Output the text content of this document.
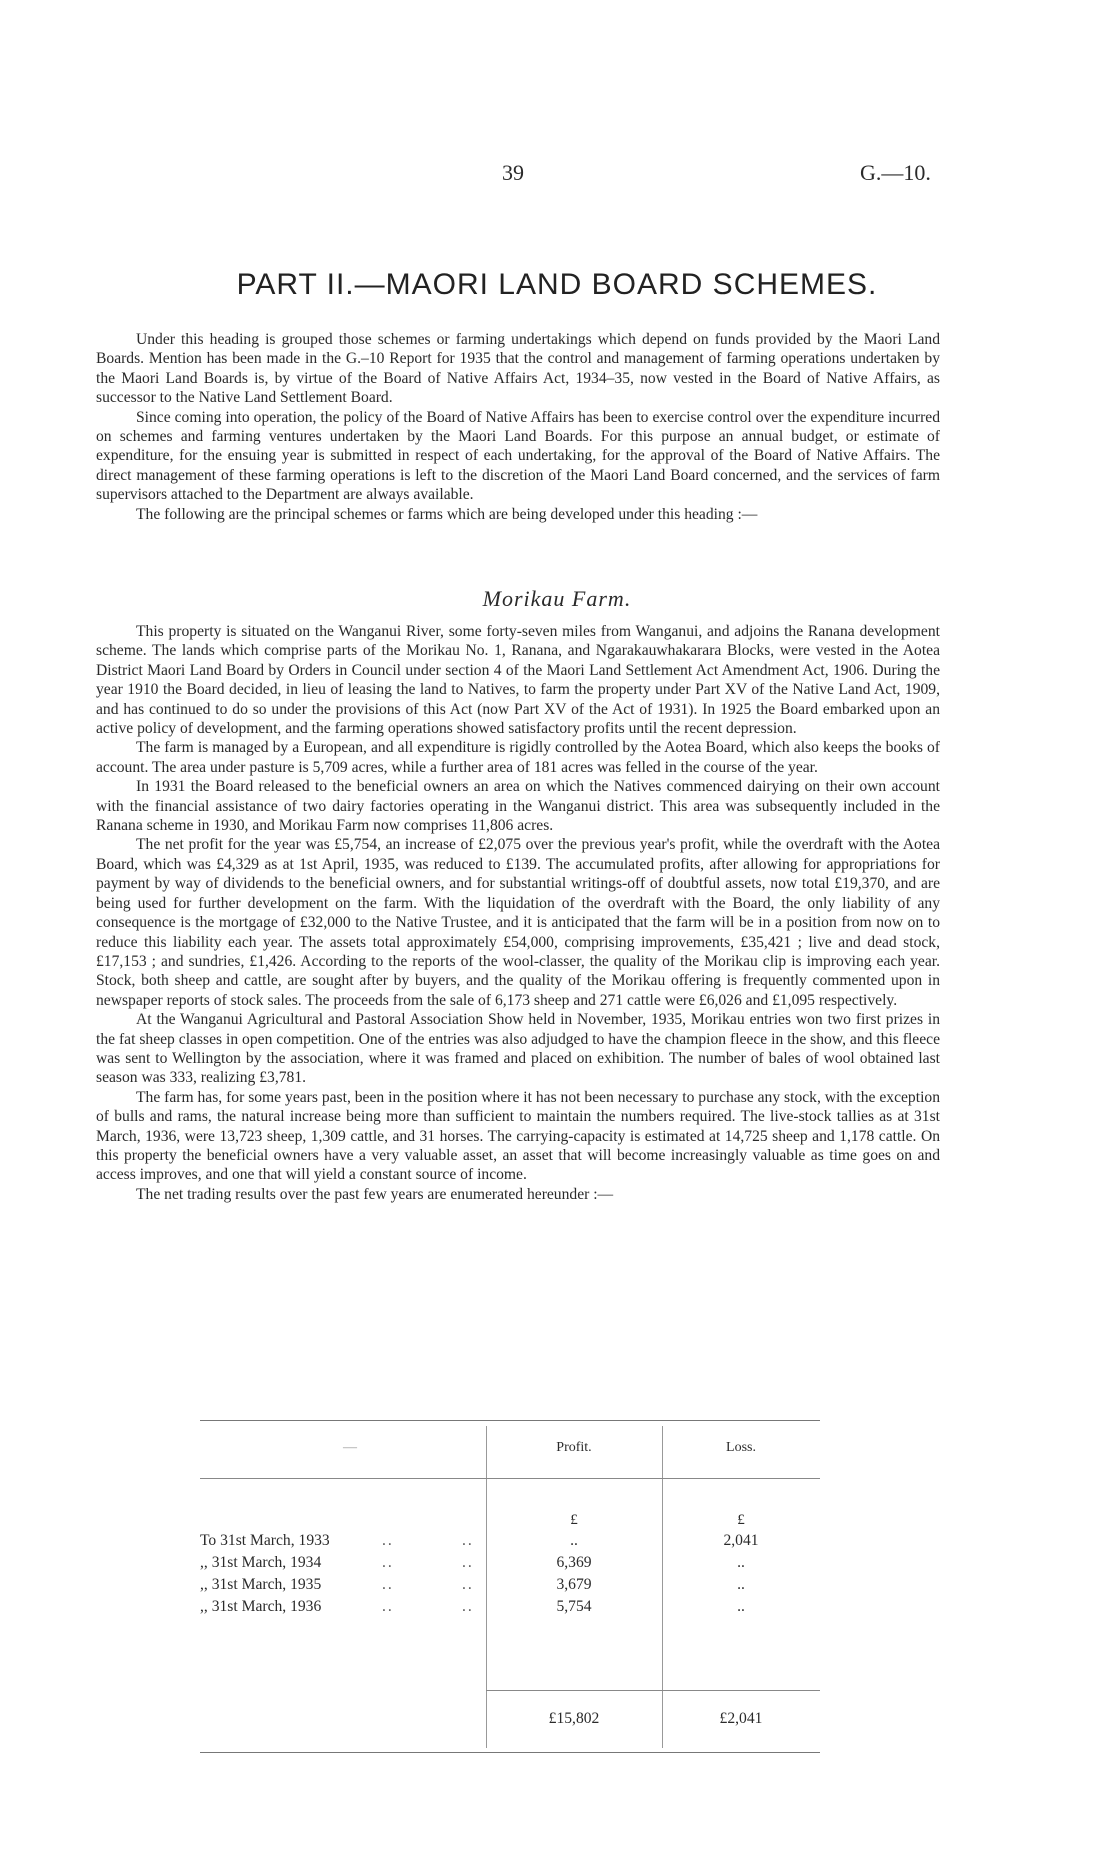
39	G.—10.
PART II.—MAORI LAND BOARD SCHEMES.

Under this heading is grouped those schemes or farming undertakings which depend on funds provided by the Maori Land Boards. Mention has been made in the G.–10 Report for 1935 that the control and management of farming operations undertaken by the Maori Land Boards is, by virtue of the Board of Native Affairs Act, 1934–35, now vested in the Board of Native Affairs, as successor to the Native Land Settlement Board.

Since coming into operation, the policy of the Board of Native Affairs has been to exercise control over the expenditure incurred on schemes and farming ventures undertaken by the Maori Land Boards. For this purpose an annual budget, or estimate of expenditure, for the ensuing year is submitted in respect of each undertaking, for the approval of the Board of Native Affairs. The direct management of these farming operations is left to the discretion of the Maori Land Board concerned, and the services of farm supervisors attached to the Department are always available.

The following are the principal schemes or farms which are being developed under this heading :—

Morikau Farm.

This property is situated on the Wanganui River, some forty-seven miles from Wanganui, and adjoins the Ranana development scheme. The lands which comprise parts of the Morikau No. 1, Ranana, and Ngarakauwhakarara Blocks, were vested in the Aotea District Maori Land Board by Orders in Council under section 4 of the Maori Land Settlement Act Amendment Act, 1906. During the year 1910 the Board decided, in lieu of leasing the land to Natives, to farm the property under Part XV of the Native Land Act, 1909, and has continued to do so under the provisions of this Act (now Part XV of the Act of 1931). In 1925 the Board embarked upon an active policy of development, and the farming operations showed satisfactory profits until the recent depression.

The farm is managed by a European, and all expenditure is rigidly controlled by the Aotea Board, which also keeps the books of account. The area under pasture is 5,709 acres, while a further area of 181 acres was felled in the course of the year.

In 1931 the Board released to the beneficial owners an area on which the Natives commenced dairying on their own account with the financial assistance of two dairy factories operating in the Wanganui district. This area was subsequently included in the Ranana scheme in 1930, and Morikau Farm now comprises 11,806 acres.

The net profit for the year was £5,754, an increase of £2,075 over the previous year's profit, while the overdraft with the Aotea Board, which was £4,329 as at 1st April, 1935, was reduced to £139. The accumulated profits, after allowing for appropriations for payment by way of dividends to the beneficial owners, and for substantial writings-off of doubtful assets, now total £19,370, and are being used for further development on the farm. With the liquidation of the overdraft with the Board, the only liability of any consequence is the mortgage of £32,000 to the Native Trustee, and it is anticipated that the farm will be in a position from now on to reduce this liability each year. The assets total approximately £54,000, comprising improvements, £35,421 ; live and dead stock, £17,153 ; and sundries, £1,426. According to the reports of the wool-classer, the quality of the Morikau clip is improving each year. Stock, both sheep and cattle, are sought after by buyers, and the quality of the Morikau offering is frequently commented upon in newspaper reports of stock sales. The proceeds from the sale of 6,173 sheep and 271 cattle were £6,026 and £1,095 respectively.

At the Wanganui Agricultural and Pastoral Association Show held in November, 1935, Morikau entries won two first prizes in the fat sheep classes in open competition. One of the entries was also adjudged to have the champion fleece in the show, and this fleece was sent to Wellington by the association, where it was framed and placed on exhibition. The number of bales of wool obtained last season was 333, realizing £3,781.

The farm has, for some years past, been in the position where it has not been necessary to purchase any stock, with the exception of bulls and rams, the natural increase being more than sufficient to maintain the numbers required. The live-stock tallies as at 31st March, 1936, were 13,723 sheep, 1,309 cattle, and 31 horses. The carrying-capacity is estimated at 14,725 sheep and 1,178 cattle. On this property the beneficial owners have a very valuable asset, an asset that will become increasingly valuable as time goes on and access improves, and one that will yield a constant source of income.

The net trading results over the past few years are enumerated hereunder :—

—	Profit.	Loss.
£	£
To 31st March, 1933	..	..	..	2,041
,, 31st March, 1934	..	..	6,369	..
,, 31st March, 1935	..	..	3,679	..
,, 31st March, 1936	..	..	5,754	..
£15,802	£2,041
